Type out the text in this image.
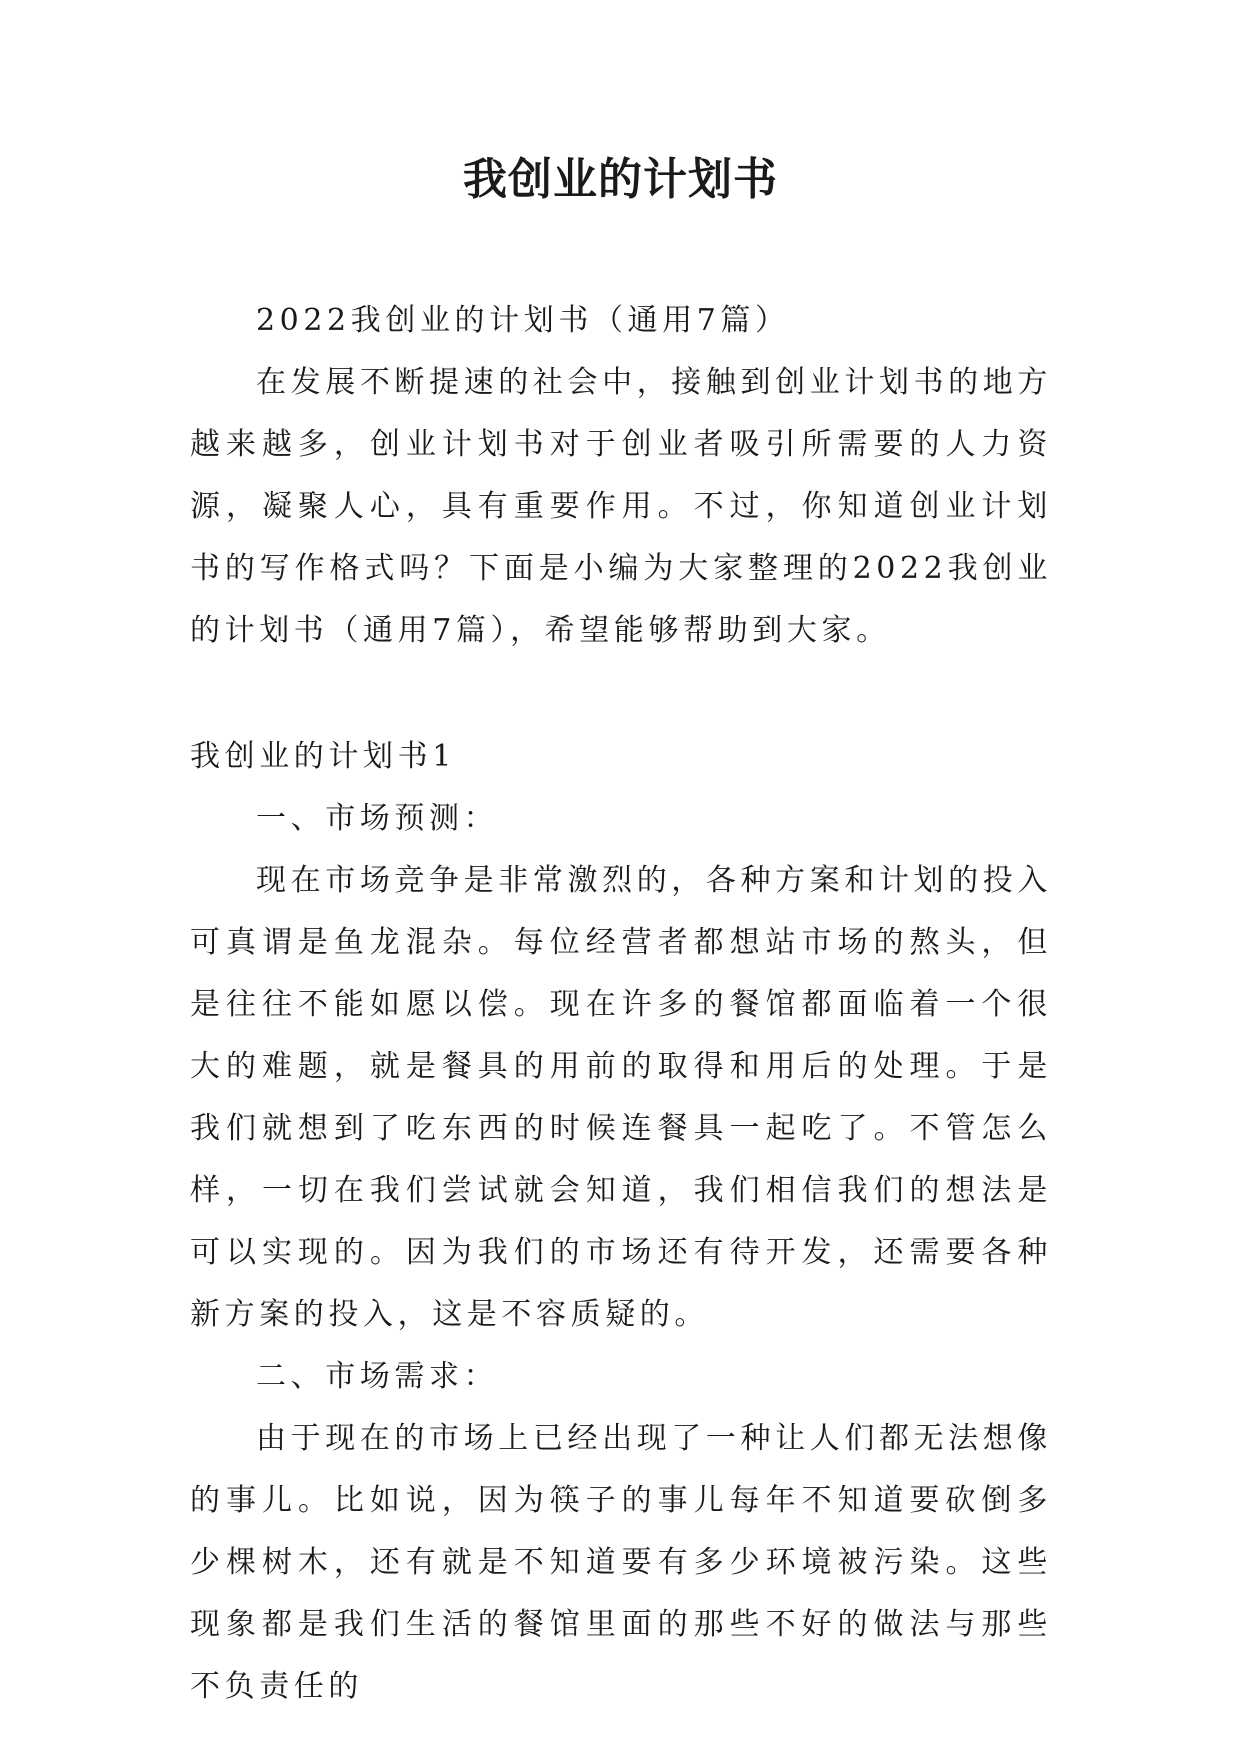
我创业的计划书

2022我创业的计划书（通用7篇）

在发展不断提速的社会中，接触到创业计划书的地方越来越多，创业计划书对于创业者吸引所需要的人力资源，凝聚人心，具有重要作用。不过，你知道创业计划书的写作格式吗？下面是小编为大家整理的2022我创业的计划书（通用7篇），希望能够帮助到大家。

我创业的计划书1

一、市场预测：

现在市场竞争是非常激烈的，各种方案和计划的投入可真谓是鱼龙混杂。每位经营者都想站市场的熬头，但是往往不能如愿以偿。现在许多的餐馆都面临着一个很大的难题，就是餐具的用前的取得和用后的处理。于是我们就想到了吃东西的时候连餐具一起吃了。不管怎么样，一切在我们尝试就会知道，我们相信我们的想法是可以实现的。因为我们的市场还有待开发，还需要各种新方案的投入，这是不容质疑的。

二、市场需求：

由于现在的市场上已经出现了一种让人们都无法想像的事儿。比如说，因为筷子的事儿每年不知道要砍倒多少棵树木，还有就是不知道要有多少环境被污染。这些现象都是我们生活的餐馆里面的那些不好的做法与那些不负责任的
